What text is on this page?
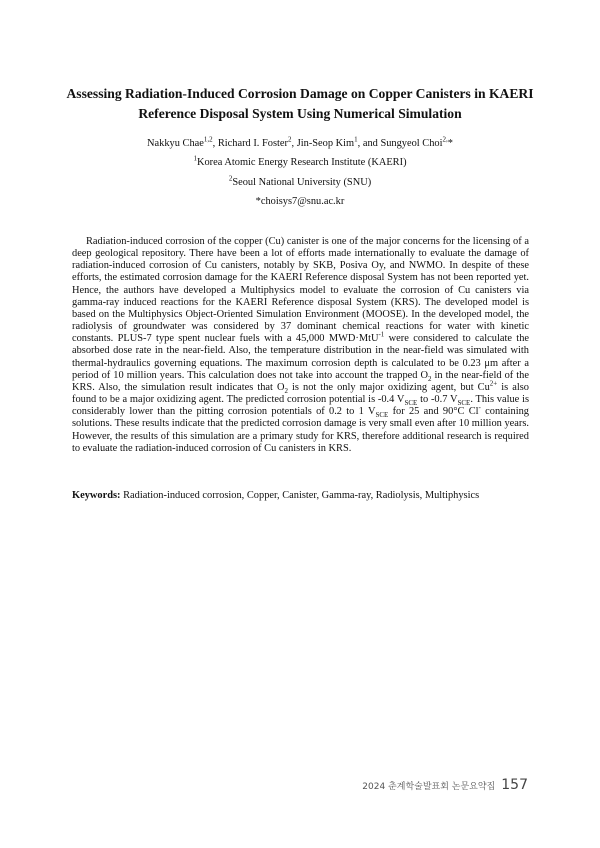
Assessing Radiation-Induced Corrosion Damage on Copper Canisters in KAERI
Reference Disposal System Using Numerical Simulation
Nakkyu Chae$^{1,2}$, Richard I. Foster$^2$, Jin-Seop Kim$^1$, and Sungyeol Choi$^{2,}$*
$^1$Korea Atomic Energy Research Institute (KAERI)
$^2$Seoul National University (SNU)
*choisys7@snu.ac.kr

Radiation-induced corrosion of the copper (Cu) canister is one of the major concerns for the licensing of a deep geological repository. There have been a lot of efforts made internationally to evaluate the damage of radiation-induced corrosion of Cu canisters, notably by SKB, Posiva Oy, and NWMO. In despite of these efforts, the estimated corrosion damage for the KAERI Reference disposal System has not been reported yet. Hence, the authors have developed a Multiphysics model to evaluate the corrosion of Cu canisters via gamma-ray induced reactions for the KAERI Reference disposal System (KRS). The developed model is based on the Multiphysics Object-Oriented Simulation Environment (MOOSE). In the developed model, the radiolysis of groundwater was considered by 37 dominant chemical reactions for water with kinetic constants. PLUS-7 type spent nuclear fuels with a 45,000 MWD·MtU$^{-1}$ were considered to calculate the absorbed dose rate in the near-field. Also, the temperature distribution in the near-field was simulated with thermal-hydraulics governing equations. The maximum corrosion depth is calculated to be 0.23 μm after a period of 10 million years. This calculation does not take into account the trapped $O_2$ in the near-field of the KRS. Also, the simulation result indicates that $O_2$ is not the only major oxidizing agent, but $Cu^{2+}$ is also found to be a major oxidizing agent. The predicted corrosion potential is -0.4 $V_{SCE}$ to -0.7 $V_{SCE}$. This value is considerably lower than the pitting corrosion potentials of 0.2 to 1 $V_{SCE}$ for 25 and 90°C Cl- containing solutions. These results indicate that the predicted corrosion damage is very small even after 10 million years. However, the results of this simulation are a primary study for KRS, therefore additional research is required to evaluate the radiation-induced corrosion of Cu canisters in KRS.

Keywords: Radiation-induced corrosion, Copper, Canister, Gamma-ray, Radiolysis, Multiphysics

2024 춘계학술발표회 논문요약집 157
